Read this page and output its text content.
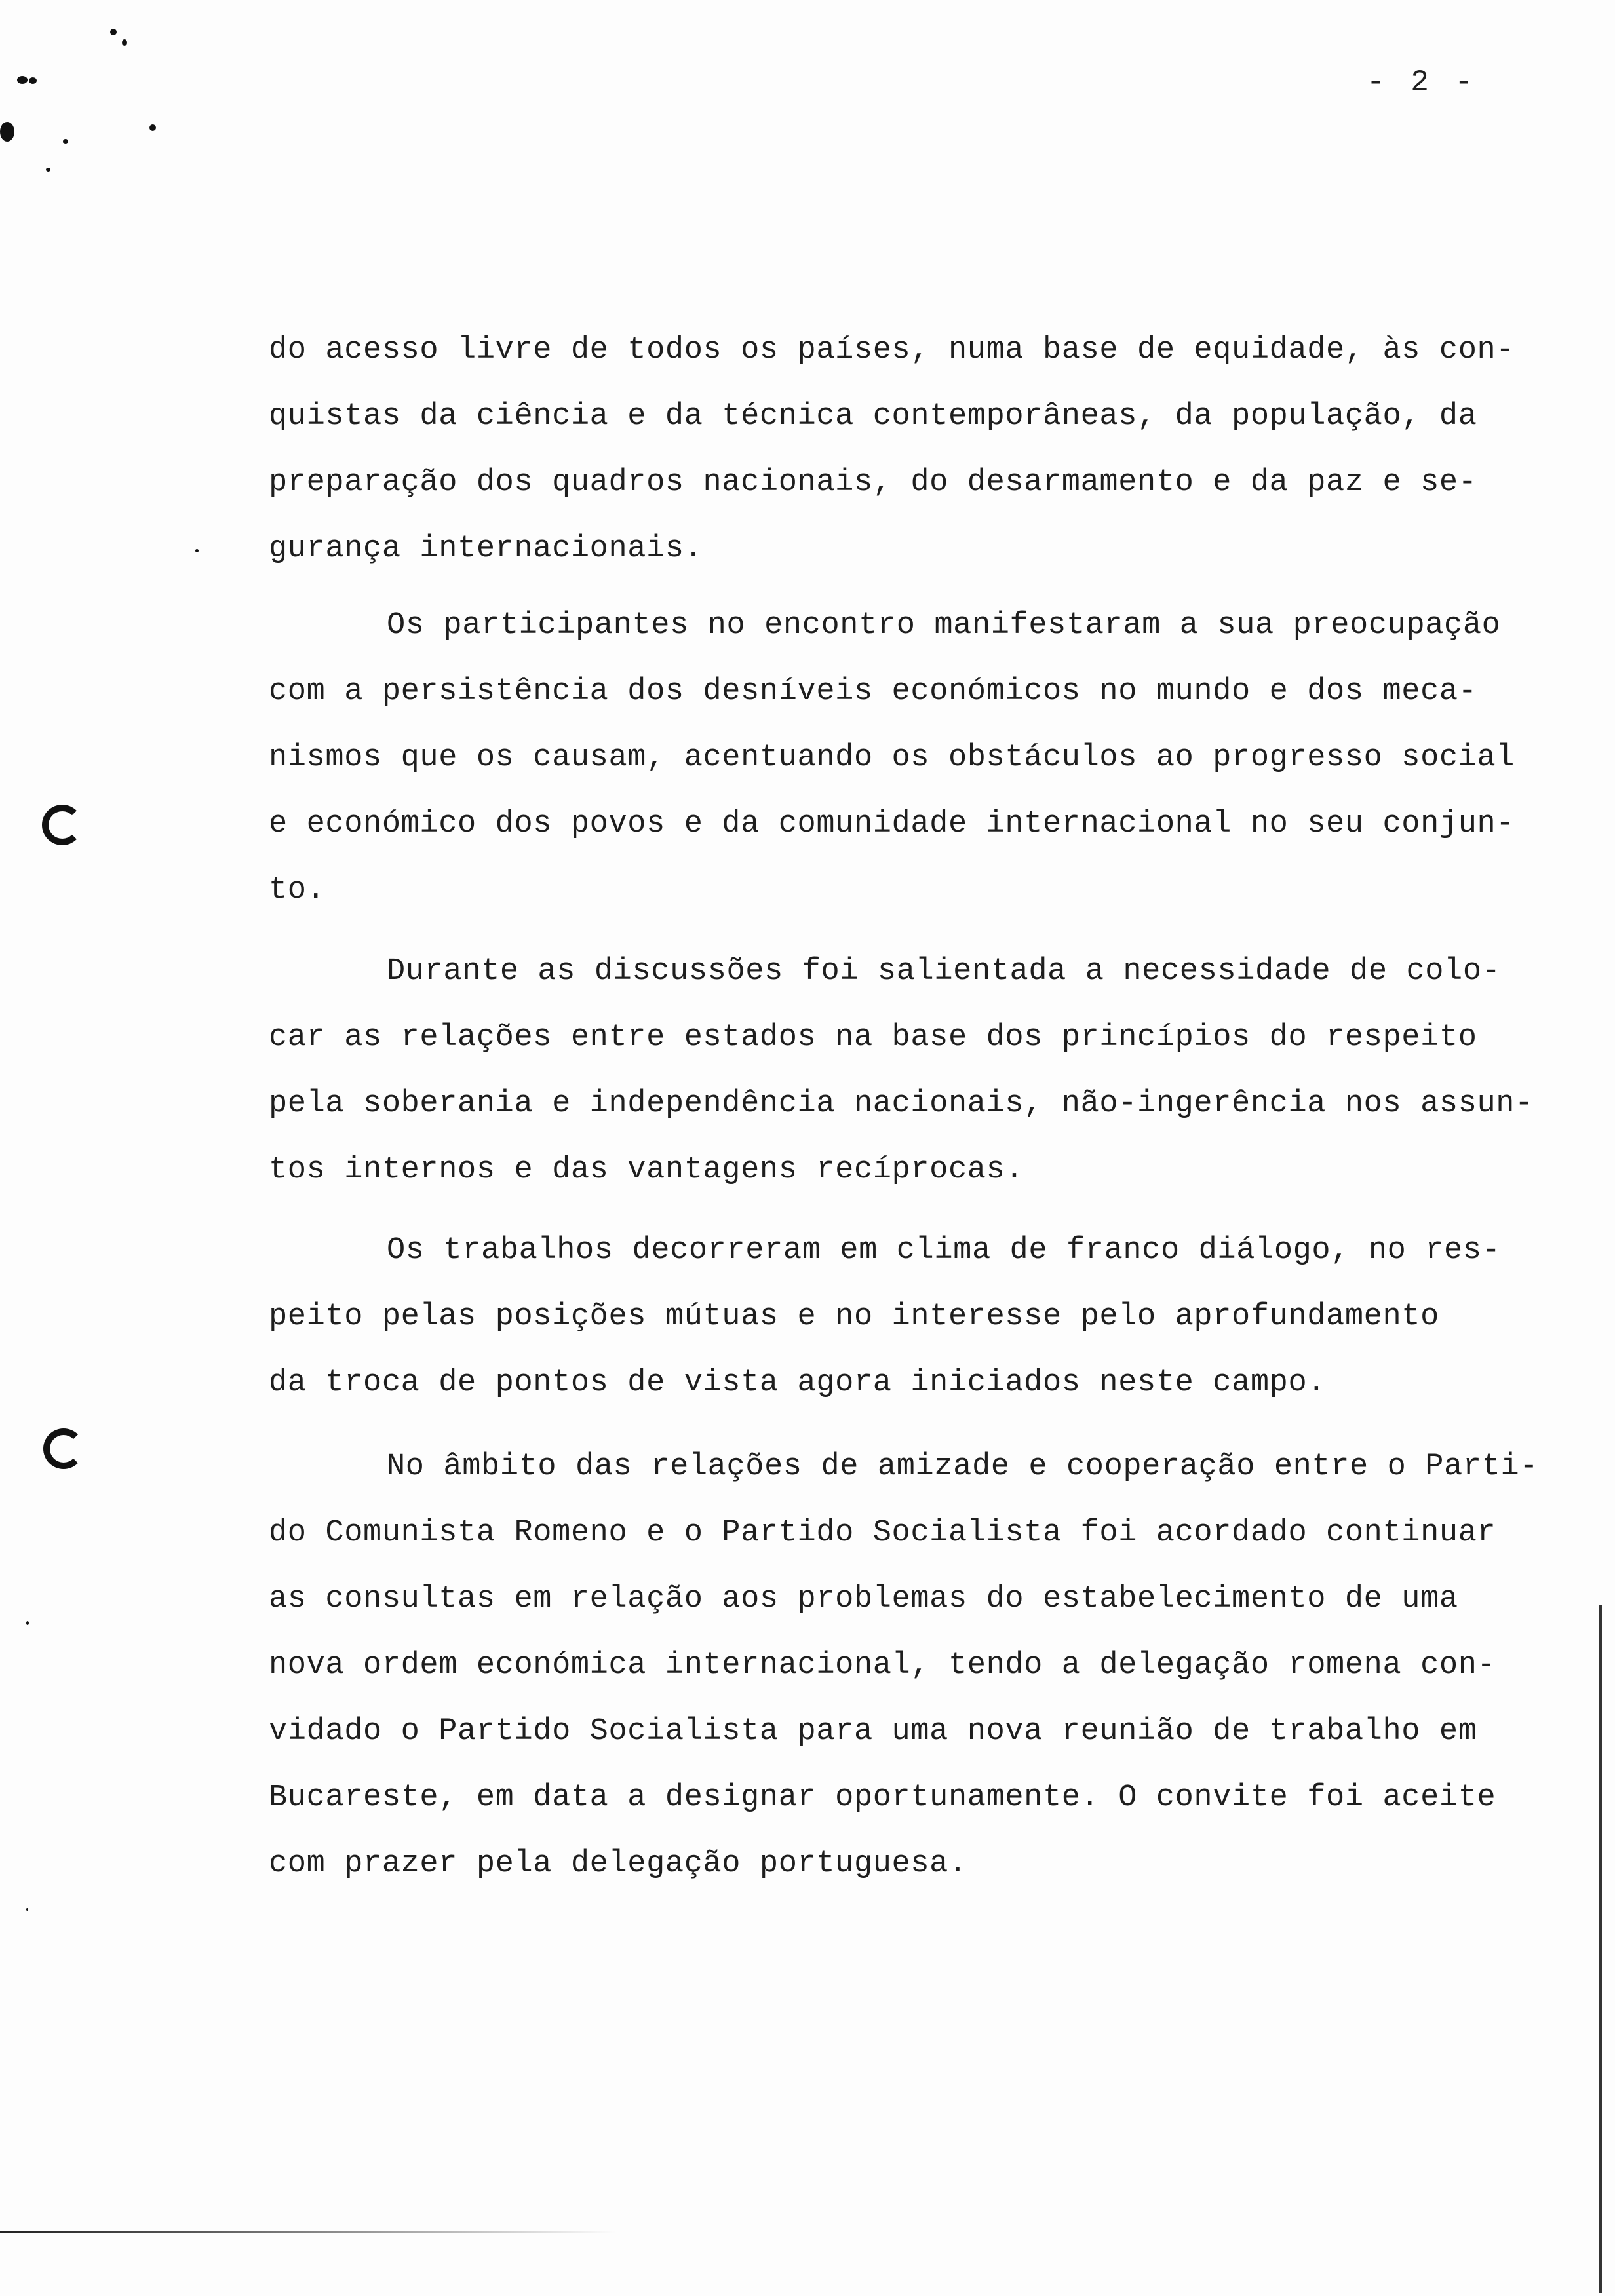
- 2 -
do acesso livre de todos os países, numa base de equidade, às con-
quistas da ciência e da técnica contemporâneas, da população, da
preparação dos quadros nacionais, do desarmamento e da paz e se-
gurança internacionais.
Os participantes no encontro manifestaram a sua preocupação
com a persistência dos desníveis económicos no mundo e dos meca-
nismos que os causam, acentuando os obstáculos ao progresso social
e económico dos povos e da comunidade internacional no seu conjun-
to.
Durante as discussões foi salientada a necessidade de colo-
car as relações entre estados na base dos princípios do respeito
pela soberania e independência nacionais, não-ingerência nos assun-
tos internos e das vantagens recíprocas.
Os trabalhos decorreram em clima de franco diálogo, no res-
peito pelas posições mútuas e no interesse pelo aprofundamento
da troca de pontos de vista agora iniciados neste campo.
No âmbito das relações de amizade e cooperação entre o Parti-
do Comunista Romeno e o Partido Socialista foi acordado continuar
as consultas em relação aos problemas do estabelecimento de uma
nova ordem económica internacional, tendo a delegação romena con-
vidado o Partido Socialista para uma nova reunião de trabalho em
Bucareste, em data a designar oportunamente. O convite foi aceite
com prazer pela delegação portuguesa.
